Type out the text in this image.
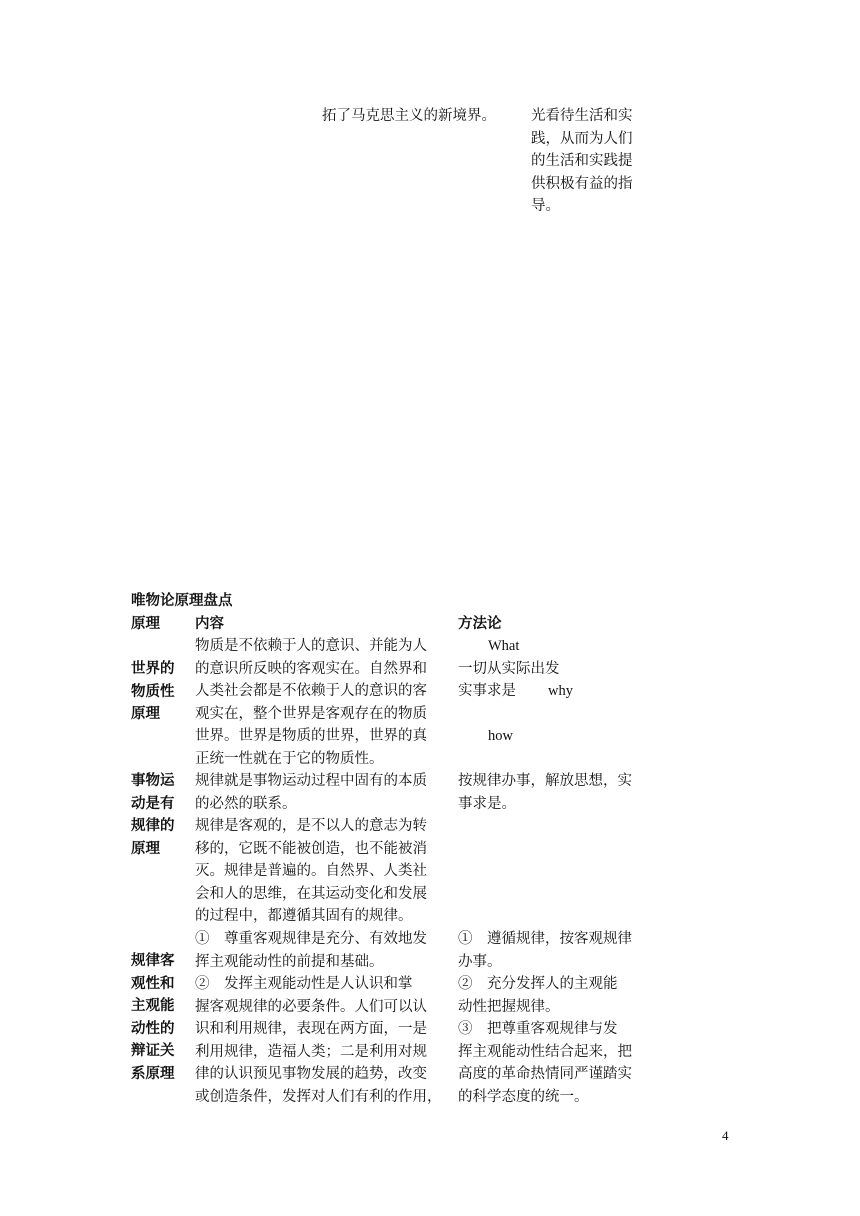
拓了马克思主义的新境界。 光看待生活和实
践，从而为人们
的生活和实践提
供积极有益的指
导。
唯物论原理盘点
原理 内容	方法论
世界的
物质性
原理
物质是不依赖于人的意识、并能为人
的意识所反映的客观实在。自然界和
人类社会都是不依赖于人的意识的客
观实在，整个世界是客观存在的物质
世界。世界是物质的世界，世界的真
正统一性就在于它的物质性。
What
一切从实际出发
实事求是 why
how
事物运
动是有
规律的
原理
规律就是事物运动过程中固有的本质
的必然的联系。
规律是客观的，是不以人的意志为转
移的，它既不能被创造，也不能被消
灭。规律是普遍的。自然界、人类社
会和人的思维，在其运动变化和发展
的过程中，都遵循其固有的规律。
按规律办事，解放思想，实
事求是。
规律客
观性和
主观能
动性的
辩证关
系原理
①　尊重客观规律是充分、有效地发
挥主观能动性的前提和基础。
②　发挥主观能动性是人认识和掌
握客观规律的必要条件。人们可以认
识和利用规律，表现在两方面，一是
利用规律，造福人类；二是利用对规
律的认识预见事物发展的趋势，改变
或创造条件，发挥对人们有利的作用，
①　遵循规律，按客观规律
办事。
②　充分发挥人的主观能
动性把握规律。
③　把尊重客观规律与发
挥主观能动性结合起来，把
高度的革命热情同严谨踏实
的科学态度的统一。
4
